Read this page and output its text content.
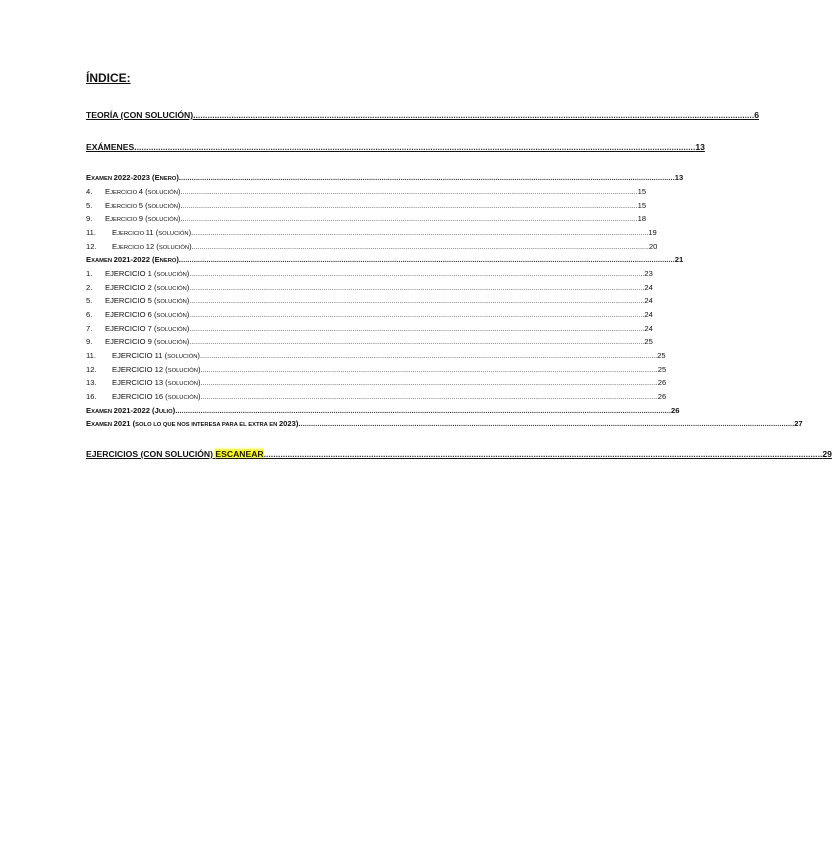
ÍNDICE:
TEORÍA (CON SOLUCIÓN). .......................................................................................................................................................................................................................................... 6
EXÁMENES. .......................................................................................................................................................................................................................................... 13
EXAMEN 2022-2023 (ENERO). .......................................................................................................................................................................................................................................... 13
4. EJERCICIO 4 (SOLUCIÓN). .......................................................................................................................................................................................................................................... 15
5. EJERCICIO 5 (SOLUCIÓN). .......................................................................................................................................................................................................................................... 15
9. EJERCICIO 9 (SOLUCIÓN). .......................................................................................................................................................................................................................................... 18
11. EJERCICIO 11 (SOLUCIÓN). .......................................................................................................................................................................................................................................... 19
12. EJERCICIO 12 (SOLUCIÓN). .......................................................................................................................................................................................................................................... 20
EXAMEN 2021-2022 (ENERO). .......................................................................................................................................................................................................................................... 21
1. EJERCICIO 1 (SOLUCIÓN) .......................................................................................................................................................................................................................................... 23
2. EJERCICIO 2 (SOLUCIÓN) .......................................................................................................................................................................................................................................... 24
5. EJERCICIO 5 (SOLUCIÓN) .......................................................................................................................................................................................................................................... 24
6. EJERCICIO 6 (SOLUCIÓN) .......................................................................................................................................................................................................................................... 24
7. EJERCICIO 7 (SOLUCIÓN) .......................................................................................................................................................................................................................................... 24
9. EJERCICIO 9 (SOLUCIÓN) .......................................................................................................................................................................................................................................... 25
11. EJERCICIO 11 (SOLUCIÓN). .......................................................................................................................................................................................................................................... 25
12. EJERCICIO 12 (SOLUCIÓN). .......................................................................................................................................................................................................................................... 25
13. EJERCICIO 13 (SOLUCIÓN). .......................................................................................................................................................................................................................................... 26
16. EJERCICIO 16 (SOLUCIÓN). .......................................................................................................................................................................................................................................... 26
EXAMEN 2021-2022 (JULIO). .......................................................................................................................................................................................................................................... 26
EXAMEN 2021 (SOLO LO QUE NOS INTERESA PARA EL EXTRA EN 2023). .......................................................................................................................................................................................................................................... 27
EJERCICIOS (CON SOLUCIÓN) ESCANEAR .......................................................................................................................................................................................................................................... 29
